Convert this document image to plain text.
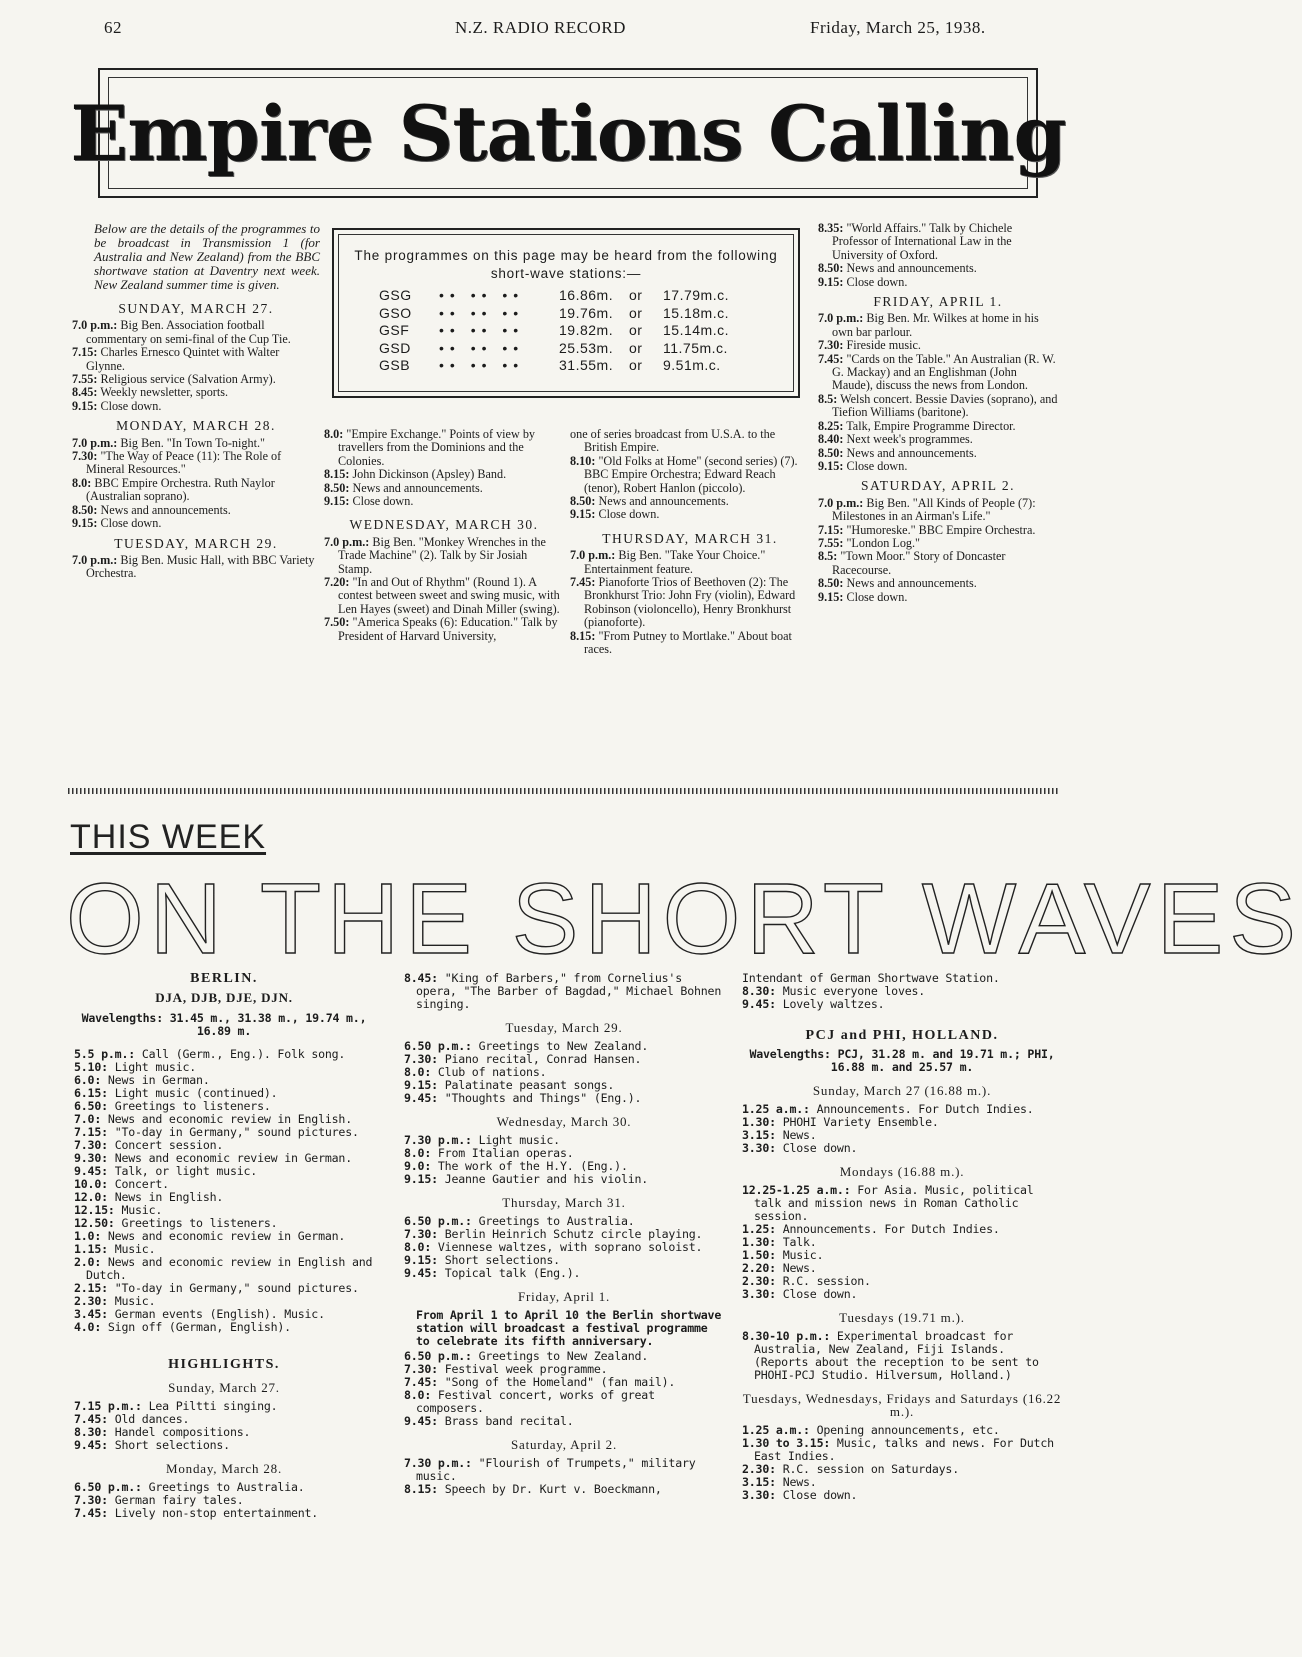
62	N.Z. RADIO RECORD	Friday, March 25, 1938.
Empire Stations Calling
Below are the details of the programmes to be broadcast in Transmission 1 (for Australia and New Zealand) from the BBC shortwave station at Daventry next week. New Zealand summer time is given.
SUNDAY, MARCH 27.

7.0 p.m.: Big Ben. Association football commentary on semi-final of the Cup Tie.

7.15: Charles Ernesco Quintet with Walter Glynne.

7.55: Religious service (Salvation Army).

8.45: Weekly newsletter, sports.

9.15: Close down.

MONDAY, MARCH 28.

7.0 p.m.: Big Ben. "In Town To-night."

7.30: "The Way of Peace (11): The Role of Mineral Resources."

8.0: BBC Empire Orchestra. Ruth Naylor (Australian soprano).

8.50: News and announcements.

9.15: Close down.

TUESDAY, MARCH 29.

7.0 p.m.: Big Ben. Music Hall, with BBC Variety Orchestra.

The programmes on this page may be heard from the following short-wave stations:—
GSG	•• •• ••	16.86m.	or	17.79m.c.
GSO	•• •• ••	19.76m.	or	15.18m.c.
GSF	•• •• ••	19.82m.	or	15.14m.c.
GSD	•• •• ••	25.53m.	or	11.75m.c.
GSB	•• •• ••	31.55m.	or	9.51m.c.

8.0: "Empire Exchange." Points of view by travellers from the Dominions and the Colonies.

8.15: John Dickinson (Apsley) Band.

8.50: News and announcements.

9.15: Close down.

WEDNESDAY, MARCH 30.

7.0 p.m.: Big Ben. "Monkey Wrenches in the Trade Machine" (2). Talk by Sir Josiah Stamp.

7.20: "In and Out of Rhythm" (Round 1). A contest between sweet and swing music, with Len Hayes (sweet) and Dinah Miller (swing).

7.50: "America Speaks (6): Education." Talk by President of Harvard University,

one of series broadcast from U.S.A. to the British Empire.

8.10: "Old Folks at Home" (second series) (7). BBC Empire Orchestra; Edward Reach (tenor), Robert Hanlon (piccolo).

8.50: News and announcements.

9.15: Close down.

THURSDAY, MARCH 31.

7.0 p.m.: Big Ben. "Take Your Choice." Entertainment feature.

7.45: Pianoforte Trios of Beethoven (2): The Bronkhurst Trio: John Fry (violin), Edward Robinson (violoncello), Henry Bronkhurst (pianoforte).

8.15: "From Putney to Mortlake." About boat races.

8.35: "World Affairs." Talk by Chichele Professor of International Law in the University of Oxford.

8.50: News and announcements.

9.15: Close down.

FRIDAY, APRIL 1.

7.0 p.m.: Big Ben. Mr. Wilkes at home in his own bar parlour.

7.30: Fireside music.

7.45: "Cards on the Table." An Australian (R. W. G. Mackay) and an Englishman (John Maude), discuss the news from London.

8.5: Welsh concert. Bessie Davies (soprano), and Tiefion Williams (baritone).

8.25: Talk, Empire Programme Director.

8.40: Next week's programmes.

8.50: News and announcements.

9.15: Close down.

SATURDAY, APRIL 2.

7.0 p.m.: Big Ben. "All Kinds of People (7): Milestones in an Airman's Life."

7.15: "Humoreske." BBC Empire Orchestra.

7.55: "London Log."

8.5: "Town Moor." Story of Doncaster Racecourse.

8.50: News and announcements.

9.15: Close down.

THIS WEEK
ON THE SHORT WAVES
BERLIN.
DJA, DJB, DJE, DJN.
Wavelengths: 31.45 m., 31.38 m., 19.74 m., 16.89 m.

5.5 p.m.: Call (Germ., Eng.). Folk song.

5.10: Light music.

6.0: News in German.

6.15: Light music (continued).

6.50: Greetings to listeners.

7.0: News and economic review in English.

7.15: "To-day in Germany," sound pictures.

7.30: Concert session.

9.30: News and economic review in German.

9.45: Talk, or light music.

10.0: Concert.

12.0: News in English.

12.15: Music.

12.50: Greetings to listeners.

1.0: News and economic review in German.

1.15: Music.

2.0: News and economic review in English and Dutch.

2.15: "To-day in Germany," sound pictures.

2.30: Music.

3.45: German events (English). Music.

4.0: Sign off (German, English).

HIGHLIGHTS.
Sunday, March 27.

7.15 p.m.: Lea Piltti singing.

7.45: Old dances.

8.30: Handel compositions.

9.45: Short selections.

Monday, March 28.

6.50 p.m.: Greetings to Australia.

7.30: German fairy tales.

7.45: Lively non-stop entertainment.

8.45: "King of Barbers," from Cornelius's opera, "The Barber of Bagdad," Michael Bohnen singing.

Tuesday, March 29.

6.50 p.m.: Greetings to New Zealand.

7.30: Piano recital, Conrad Hansen.

8.0: Club of nations.

9.15: Palatinate peasant songs.

9.45: "Thoughts and Things" (Eng.).

Wednesday, March 30.

7.30 p.m.: Light music.

8.0: From Italian operas.

9.0: The work of the H.Y. (Eng.).

9.15: Jeanne Gautier and his violin.

Thursday, March 31.

6.50 p.m.: Greetings to Australia.

7.30: Berlin Heinrich Schutz circle playing.

8.0: Viennese waltzes, with soprano soloist.

9.15: Short selections.

9.45: Topical talk (Eng.).

Friday, April 1.
From April 1 to April 10 the Berlin shortwave station will broadcast a festival programme to celebrate its fifth anniversary.

6.50 p.m.: Greetings to New Zealand.

7.30: Festival week programme.

7.45: "Song of the Homeland" (fan mail).

8.0: Festival concert, works of great composers.

9.45: Brass band recital.

Saturday, April 2.

7.30 p.m.: "Flourish of Trumpets," military music.

8.15: Speech by Dr. Kurt v. Boeckmann,

Intendant of German Shortwave Station.

8.30: Music everyone loves.

9.45: Lovely waltzes.

PCJ and PHI, HOLLAND.
Wavelengths: PCJ, 31.28 m. and 19.71 m.; PHI, 16.88 m. and 25.57 m.
Sunday, March 27 (16.88 m.).

1.25 a.m.: Announcements. For Dutch Indies.

1.30: PHOHI Variety Ensemble.

3.15: News.

3.30: Close down.

Mondays (16.88 m.).

12.25-1.25 a.m.: For Asia. Music, political talk and mission news in Roman Catholic session.

1.25: Announcements. For Dutch Indies.

1.30: Talk.

1.50: Music.

2.20: News.

2.30: R.C. session.

3.30: Close down.

Tuesdays (19.71 m.).

8.30-10 p.m.: Experimental broadcast for Australia, New Zealand, Fiji Islands. (Reports about the reception to be sent to PHOHI-PCJ Studio. Hilversum, Holland.)

Tuesdays, Wednesdays, Fridays and Saturdays (16.22 m.).

1.25 a.m.: Opening announcements, etc.

1.30 to 3.15: Music, talks and news. For Dutch East Indies.

2.30: R.C. session on Saturdays.

3.15: News.

3.30: Close down.
